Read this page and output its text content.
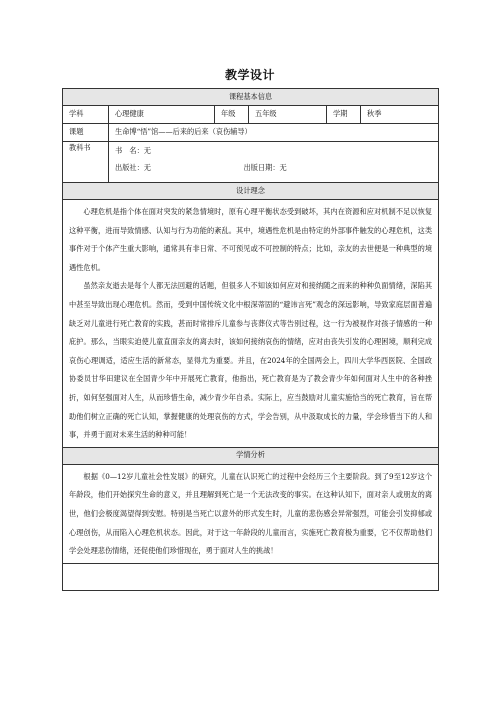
教学设计
课程基本信息					
学科	心理健康	年级	五年级	学期	秋季
课题	生命博“悟”馆——后来的后来（哀伤辅导）				
教科书	书　名：无
出版社：无 出版日期：无				

设计理念					

心理危机是指个体在面对突发的紧急情境时，原有心理平衡状态受到破坏，其内在资源和应对机制不足以恢复这种平衡，进而导致情感、认知与行为功能的紊乱。其中，境遇性危机是由特定的外部事件触发的心理危机，这类事件对于个体产生重大影响，通常具有非日常、不可预见或不可控制的特点；比如，亲友的去世便是一种典型的境遇性危机。

虽然亲友逝去是每个人都无法回避的话题，但很多人不知该如何应对和接纳随之而来的种种负面情绪，深陷其中甚至导致出现心理危机。然而，受到中国传统文化中根深蒂固的“避讳言死”观念的深远影响，导致家庭层面普遍缺乏对儿童进行死亡教育的实践，甚而时常排斥儿童参与丧葬仪式等告别过程，这一行为被视作对孩子情感的一种庇护。那么，当眼实迫使儿童直面亲友的离去时，该如何接纳哀伤的情绪，应对由丧失引发的心理困境，顺利完成哀伤心理调适，适应生活的新常态，显得尤为重要。并且，在2024年的全国两会上，四川大学华西医院、全国政协委员甘华田建议在全国青少年中开展死亡教育，他指出，死亡教育是为了教会青少年如何面对人生中的各种挫折，如何坚强面对人生，从而珍惜生命，减少青少年自杀。实际上，应当鼓励对儿童实施恰当的死亡教育，旨在帮助他们树立正确的死亡认知，掌握健康的处理哀伤的方式，学会告别，从中汲取成长的力量，学会珍惜当下的人和事，并勇于面对未来生活的种种可能！					

学情分析					

根据《0—12岁儿童社会性发展》的研究，儿童在认识死亡的过程中会经历三个主要阶段。到了9至12岁这个年龄段，他们开始探究生命的意义，并且理解到死亡是一个无法改变的事实。在这种认知下，面对亲人或朋友的离世，他们会极度渴望得到安慰。特别是当死亡以意外的形式发生时，儿童的悲伤感会异常强烈，可能会引发抑郁或心理创伤，从而陷入心理危机状态。因此，对于这一年龄段的儿童而言，实施死亡教育极为重要，它不仅帮助他们学会处理悲伤情绪，还促使他们珍惜现在，勇于面对人生的挑战！					
